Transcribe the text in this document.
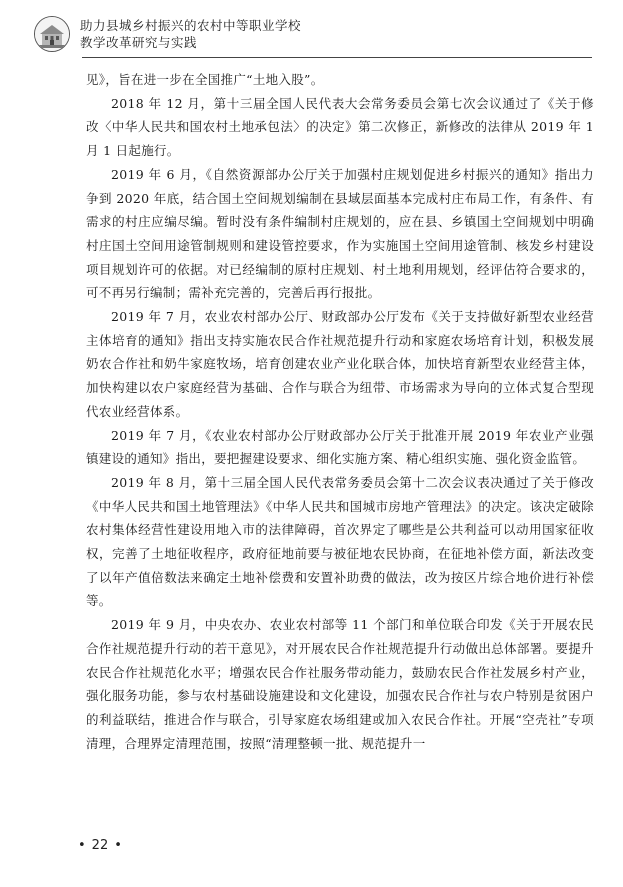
助力县城乡村振兴的农村中等职业学校
教学改革研究与实践

见》，旨在进一步在全国推广“土地入股”。

2018 年 12 月，第十三届全国人民代表大会常务委员会第七次会议通过了《关于修改〈中华人民共和国农村土地承包法〉的决定》第二次修正，新修改的法律从 2019 年 1 月 1 日起施行。

2019 年 6 月，《自然资源部办公厅关于加强村庄规划促进乡村振兴的通知》指出力争到 2020 年底，结合国土空间规划编制在县域层面基本完成村庄布局工作，有条件、有需求的村庄应编尽编。暂时没有条件编制村庄规划的，应在县、乡镇国土空间规划中明确村庄国土空间用途管制规则和建设管控要求，作为实施国土空间用途管制、核发乡村建设项目规划许可的依据。对已经编制的原村庄规划、村土地利用规划，经评估符合要求的，可不再另行编制；需补充完善的，完善后再行报批。

2019 年 7 月，农业农村部办公厅、财政部办公厅发布《关于支持做好新型农业经营主体培育的通知》指出支持实施农民合作社规范提升行动和家庭农场培育计划，积极发展奶农合作社和奶牛家庭牧场，培育创建农业产业化联合体，加快培育新型农业经营主体，加快构建以农户家庭经营为基础、合作与联合为纽带、市场需求为导向的立体式复合型现代农业经营体系。

2019 年 7 月，《农业农村部办公厅财政部办公厅关于批准开展 2019 年农业产业强镇建设的通知》指出，要把握建设要求、细化实施方案、精心组织实施、强化资金监管。

2019 年 8 月，第十三届全国人民代表常务委员会第十二次会议表决通过了关于修改《中华人民共和国土地管理法》《中华人民共和国城市房地产管理法》的决定。该决定破除农村集体经营性建设用地入市的法律障碍，首次界定了哪些是公共利益可以动用国家征收权，完善了土地征收程序，政府征地前要与被征地农民协商，在征地补偿方面，新法改变了以年产值倍数法来确定土地补偿费和安置补助费的做法，改为按区片综合地价进行补偿等。

2019 年 9 月，中央农办、农业农村部等 11 个部门和单位联合印发《关于开展农民合作社规范提升行动的若干意见》，对开展农民合作社规范提升行动做出总体部署。要提升农民合作社规范化水平；增强农民合作社服务带动能力，鼓励农民合作社发展乡村产业，强化服务功能，参与农村基础设施建设和文化建设，加强农民合作社与农户特别是贫困户的利益联结，推进合作与联合，引导家庭农场组建或加入农民合作社。开展“空壳社”专项清理，合理界定清理范围，按照“清理整顿一批、规范提升一

• 22 •
